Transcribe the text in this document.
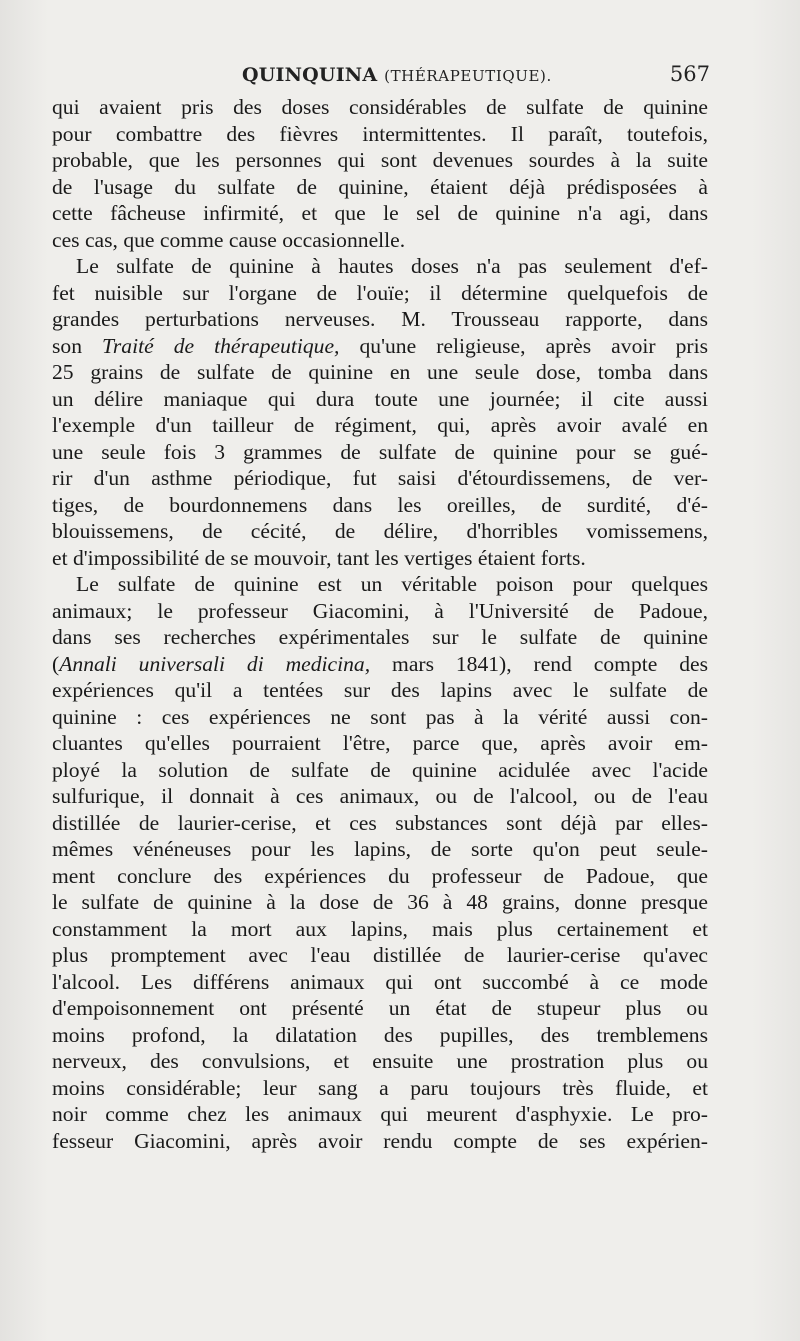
QUINQUINA (THÉRAPEUTIQUE).	567
qui avaient pris des doses considérables de sulfate de quinine
pour combattre des fièvres intermittentes. Il paraît, toutefois,
probable, que les personnes qui sont devenues sourdes à la suite
de l'usage du sulfate de quinine, étaient déjà prédisposées à
cette fâcheuse infirmité, et que le sel de quinine n'a agi, dans
ces cas, que comme cause occasionnelle.
Le sulfate de quinine à hautes doses n'a pas seulement d'ef-
fet nuisible sur l'organe de l'ouïe; il détermine quelquefois de
grandes perturbations nerveuses. M. Trousseau rapporte, dans
son Traité de thérapeutique, qu'une religieuse, après avoir pris
25 grains de sulfate de quinine en une seule dose, tomba dans
un délire maniaque qui dura toute une journée; il cite aussi
l'exemple d'un tailleur de régiment, qui, après avoir avalé en
une seule fois 3 grammes de sulfate de quinine pour se gué-
rir d'un asthme périodique, fut saisi d'étourdissemens, de ver-
tiges, de bourdonnemens dans les oreilles, de surdité, d'é-
blouissemens, de cécité, de délire, d'horribles vomissemens,
et d'impossibilité de se mouvoir, tant les vertiges étaient forts.
Le sulfate de quinine est un véritable poison pour quelques
animaux; le professeur Giacomini, à l'Université de Padoue,
dans ses recherches expérimentales sur le sulfate de quinine
(Annali universali di medicina, mars 1841), rend compte des
expériences qu'il a tentées sur des lapins avec le sulfate de
quinine : ces expériences ne sont pas à la vérité aussi con-
cluantes qu'elles pourraient l'être, parce que, après avoir em-
ployé la solution de sulfate de quinine acidulée avec l'acide
sulfurique, il donnait à ces animaux, ou de l'alcool, ou de l'eau
distillée de laurier-cerise, et ces substances sont déjà par elles-
mêmes vénéneuses pour les lapins, de sorte qu'on peut seule-
ment conclure des expériences du professeur de Padoue, que
le sulfate de quinine à la dose de 36 à 48 grains, donne presque
constamment la mort aux lapins, mais plus certainement et
plus promptement avec l'eau distillée de laurier-cerise qu'avec
l'alcool. Les différens animaux qui ont succombé à ce mode
d'empoisonnement ont présenté un état de stupeur plus ou
moins profond, la dilatation des pupilles, des tremblemens
nerveux, des convulsions, et ensuite une prostration plus ou
moins considérable; leur sang a paru toujours très fluide, et
noir comme chez les animaux qui meurent d'asphyxie. Le pro-
fesseur Giacomini, après avoir rendu compte de ses expérien-
